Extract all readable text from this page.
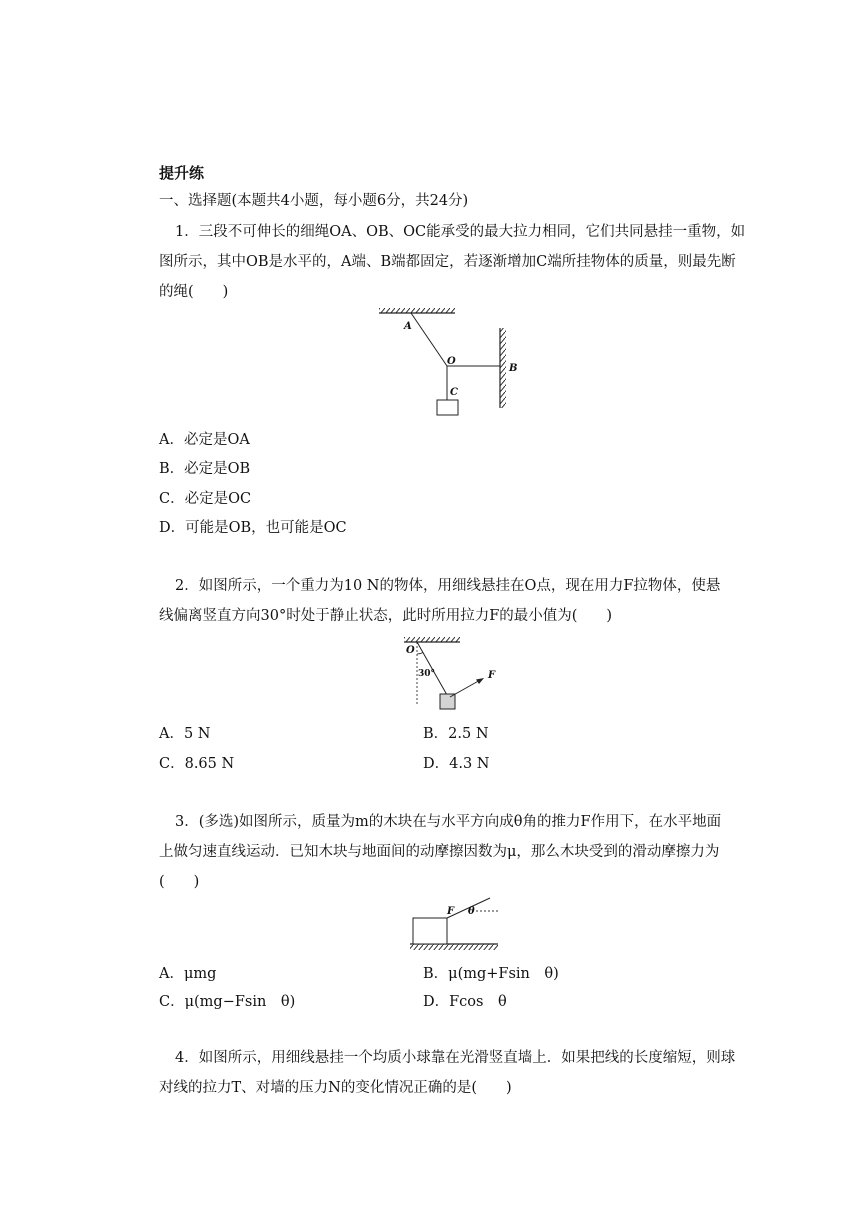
提升练
一、选择题(本题共4小题，每小题6分，共24分)
1．三段不可伸长的细绳OA、OB、OC能承受的最大拉力相同，它们共同悬挂一重物，如
图所示，其中OB是水平的，A端、B端都固定，若逐渐增加C端所挂物体的质量，则最先断
的绳(　　)
A
O
B
C
A．必定是OA
B．必定是OB
C．必定是OC
D．可能是OB，也可能是OC
2．如图所示，一个重力为10 N的物体，用细线悬挂在O点，现在用力F拉物体，使悬
线偏离竖直方向30°时处于静止状态，此时所用拉力F的最小值为(　　)
O
30°	F
A．5 N	B．2.5 N
C．8.65 N	D．4.3 N
3．(多选)如图所示，质量为m的木块在与水平方向成θ角的推力F作用下，在水平地面
上做匀速直线运动．已知木块与地面间的动摩擦因数为μ，那么木块受到的滑动摩擦力为
(　　)
F θ
A．μmg	B．μ(mg+Fsin　θ)
C．μ(mg−Fsin　θ)	D．Fcos　θ
4．如图所示，用细线悬挂一个均质小球靠在光滑竖直墙上．如果把线的长度缩短，则球
对线的拉力T、对墙的压力N的变化情况正确的是(　　)
